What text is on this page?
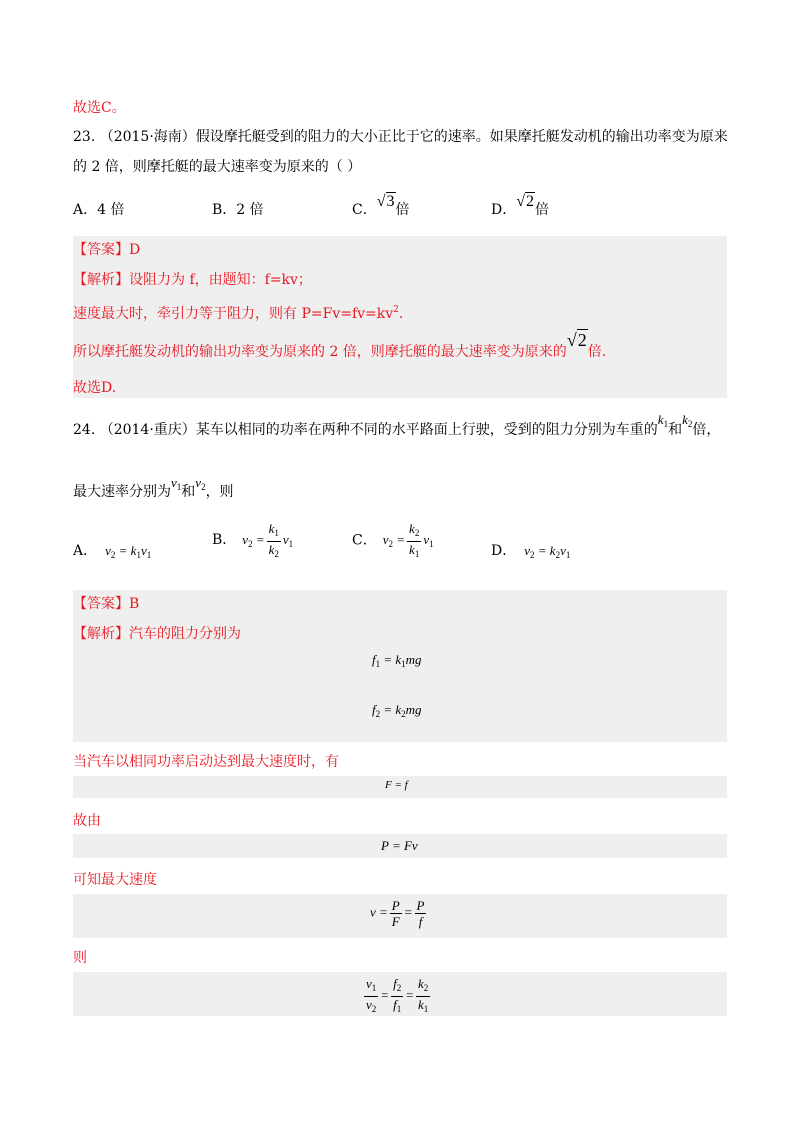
故选C。
23. （2015·海南）假设摩托艇受到的阻力的大小正比于它的速率。如果摩托艇发动机的输出功率变为原来
的 2 倍，则摩托艇的最大速率变为原来的（ ）
A．4 倍	B．2 倍	C．√3倍	D．√2倍
【答案】D
【解析】设阻力为 f，由题知：f=kv；
速度最大时，牵引力等于阻力，则有 $P=Fv=fv=kv^2$.
所以摩托艇发动机的输出功率变为原来的 2 倍，则摩托艇的最大速率变为原来的√2倍.
故选D.
24. （2014·重庆）某车以相同的功率在两种不同的水平路面上行驶，受到的阻力分别为车重的$k_1$和$k_2$倍，
最大速率分别为$v_1$和$v_2$，则
A． $v_2 = k_1v_1$
B． $v_2 = \frac{k_1}{k_2} v_1$	C． $v_2 = \frac{k_2}{k_1} v_1$	D． $v_2 = k_2v_1$
【答案】B
【解析】汽车的阻力分别为
$f_1 = k_1mg$
$f_2 = k_2mg$
当汽车以相同功率启动达到最大速度时，有
F = f
故由
P = Fv
可知最大速度
$v = \frac{P}{F} = \frac{P}{f}$
则
$\frac{v_1}{v_2} = \frac{f_2}{f_1} = \frac{k_2}{k_1}$
